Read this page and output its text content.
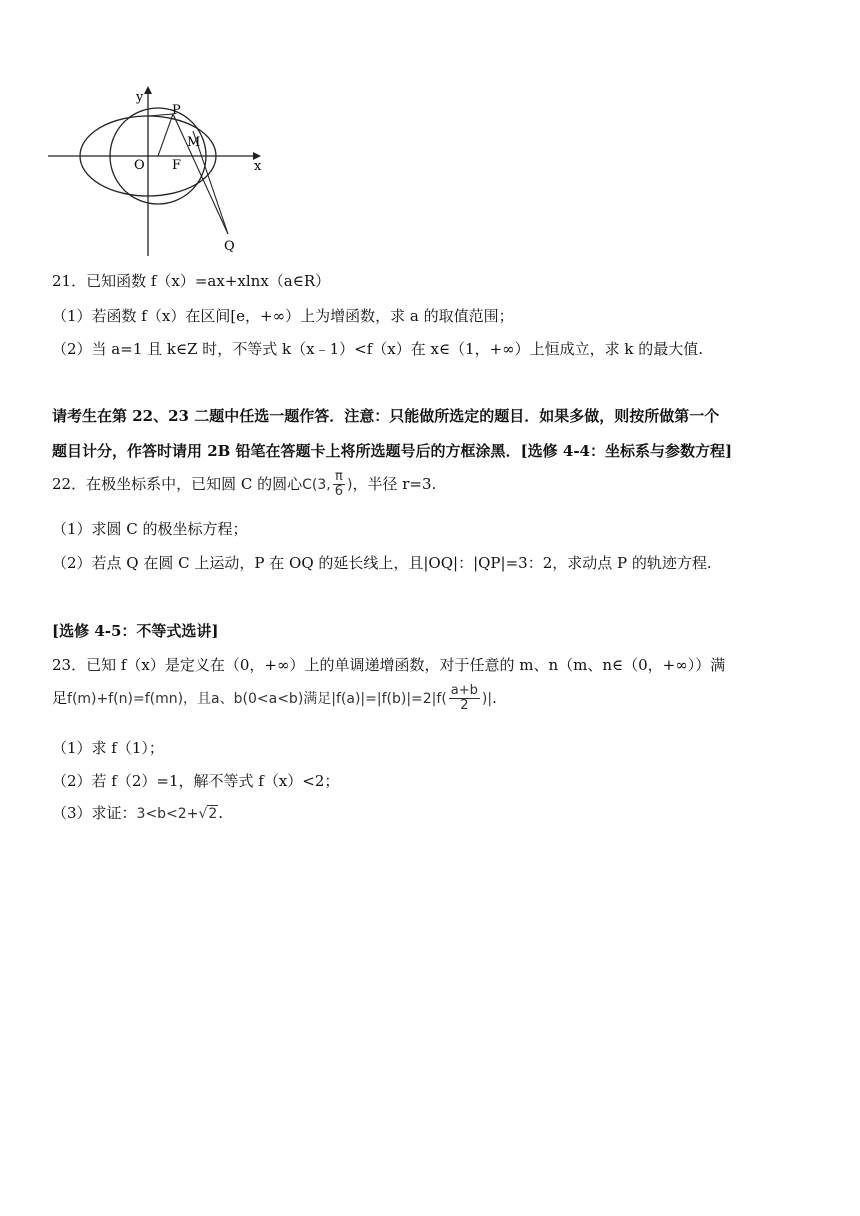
y
x
O F
P
M
Q
21．已知函数 f（x）=ax+xlnx（a∈R）
（1）若函数 f（x）在区间[e，+∞）上为增函数，求 a 的取值范围；
（2）当 a=1 且 k∈Z 时，不等式 k（x﹣1）<f（x）在 x∈（1，+∞）上恒成立，求 k 的最大值.
请考生在第 22、23 二题中任选一题作答．注意：只能做所选定的题目．如果多做，则按所做第一个
题目计分，作答时请用 2B 铅笔在答题卡上将所选题号后的方框涂黑．[选修 4-4：坐标系与参数方程]
22．在极坐标系中，已知圆 C 的圆心C(3, $\frac{\pi}{6}$ )，半径 r=3.
（1）求圆 C 的极坐标方程；
（2）若点 Q 在圆 C 上运动，P 在 OQ 的延长线上，且|OQ|：|QP|=3：2，求动点 P 的轨迹方程.
[选修 4-5：不等式选讲]
23．已知 f（x）是定义在（0，+∞）上的单调递增函数，对于任意的 m、n（m、n∈（0，+∞））满
足f(m)+f(n)=f(mn)，且a、b(0<a<b)满足$|f(a)|=|f(b)|=2|f( \frac{a+b}{2}$ )|.
（1）求 f（1）；
（2）若 f（2）=1，解不等式 f（x）<2；
（3）求证：3<b<2+√2.
